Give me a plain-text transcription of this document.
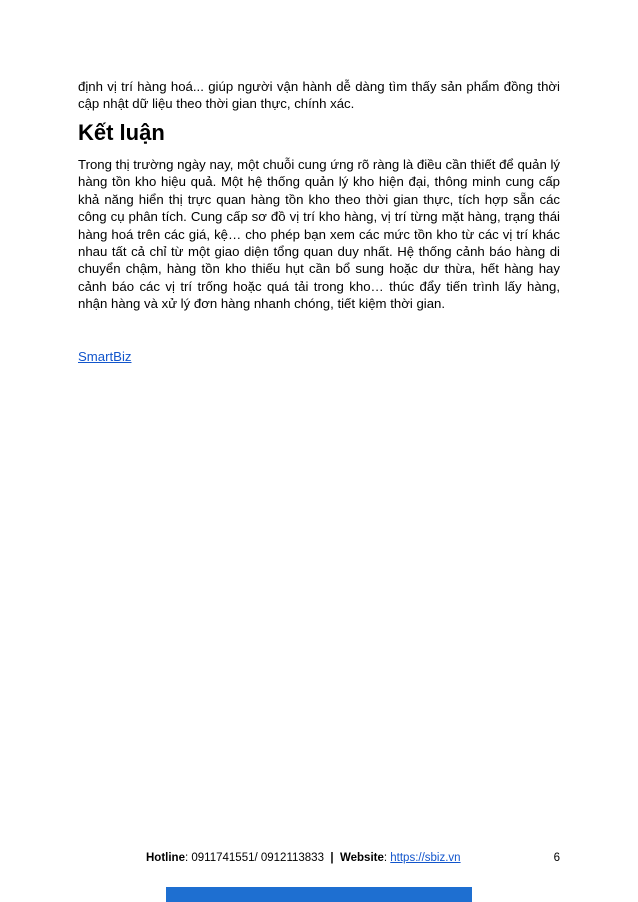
định vị trí hàng hoá... giúp người vận hành dễ dàng tìm thấy sản phẩm đồng thời cập nhật dữ liệu theo thời gian thực, chính xác.

Kết luận

Trong thị trường ngày nay, một chuỗi cung ứng rõ ràng là điều cần thiết để quản lý hàng tồn kho hiệu quả. Một hệ thống quản lý kho hiện đại, thông minh cung cấp khả năng hiển thị trực quan hàng tồn kho theo thời gian thực, tích hợp sẵn các công cụ phân tích. Cung cấp sơ đồ vị trí kho hàng, vị trí từng mặt hàng, trạng thái hàng hoá trên các giá, kệ… cho phép bạn xem các mức tồn kho từ các vị trí khác nhau tất cả chỉ từ một giao diện tổng quan duy nhất. Hệ thống cảnh báo hàng di chuyển chậm, hàng tồn kho thiếu hụt cần bổ sung hoặc dư thừa, hết hàng hay cảnh báo các vị trí trống hoặc quá tải trong kho… thúc đẩy tiến trình lấy hàng, nhận hàng và xử lý đơn hàng nhanh chóng, tiết kiệm thời gian.

SmartBiz
Hotline: 0911741551/ 0912113833 | Website: https://sbiz.vn	6
